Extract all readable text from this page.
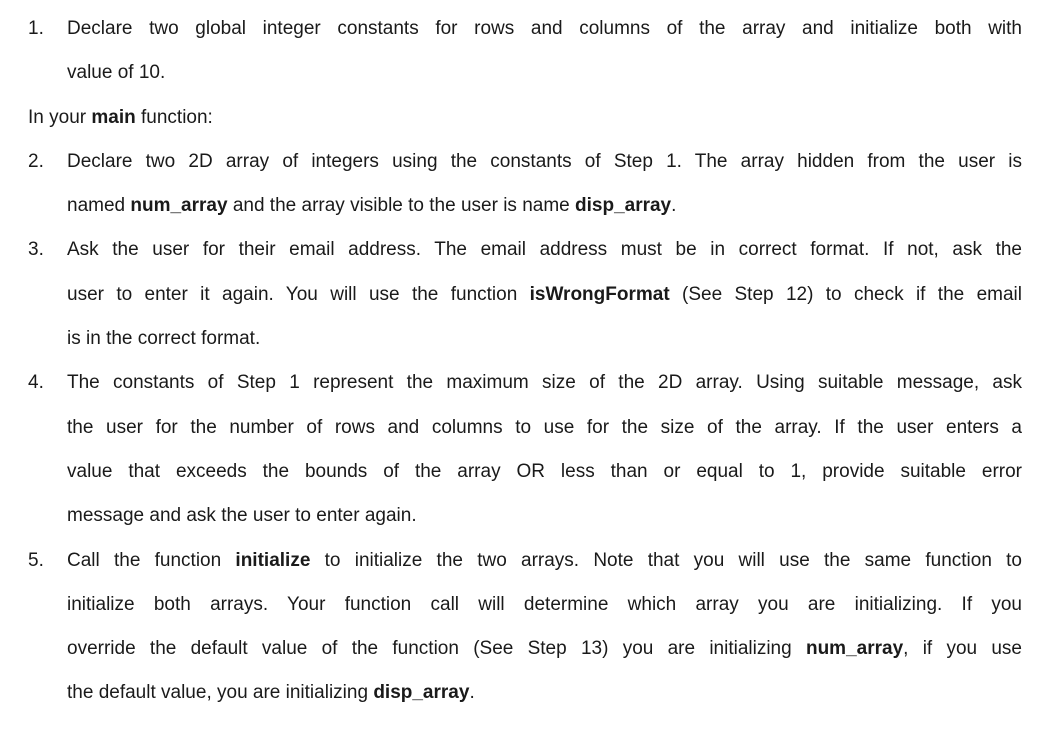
1. Declare two global integer constants for rows and columns of the array and initialize both with
value of 10.
In your main function:
2. Declare two 2D array of integers using the constants of Step 1. The array hidden from the user is
named num_array and the array visible to the user is name disp_array.
3. Ask the user for their email address. The email address must be in correct format. If not, ask the
user to enter it again. You will use the function isWrongFormat (See Step 12) to check if the email
is in the correct format.
4. The constants of Step 1 represent the maximum size of the 2D array. Using suitable message, ask
the user for the number of rows and columns to use for the size of the array. If the user enters a
value that exceeds the bounds of the array OR less than or equal to 1, provide suitable error
message and ask the user to enter again.
5. Call the function initialize to initialize the two arrays. Note that you will use the same function to
initialize both arrays. Your function call will determine which array you are initializing. If you
override the default value of the function (See Step 13) you are initializing num_array, if you use
the default value, you are initializing disp_array.
